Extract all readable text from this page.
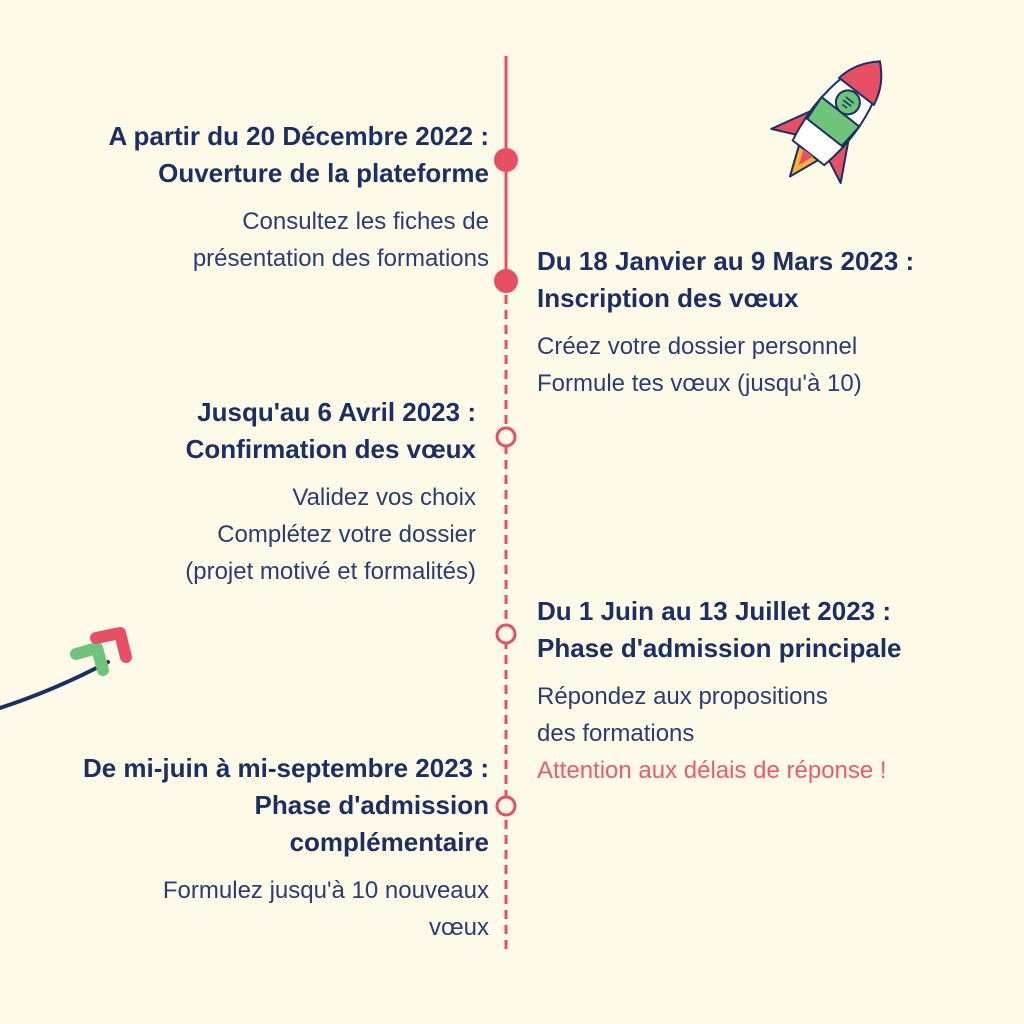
A partir du 20 Décembre 2022 :
Ouverture de la plateforme
Consultez les fiches de
présentation des formations Du 18 Janvier au 9 Mars 2023 :
Inscription des vœux
Créez votre dossier personnel
Formule tes vœux (jusqu'à 10)
Jusqu'au 6 Avril 2023 :
Confirmation des vœux
Validez vos choix
Complétez votre dossier
(projet motivé et formalités)
Du 1 Juin au 13 Juillet 2023 :
Phase d'admission principale
Répondez aux propositions
des formations
Attention aux délais de réponse !
De mi-juin à mi-septembre 2023 :
Phase d'admission
complémentaire
Formulez jusqu'à 10 nouveaux
vœux
